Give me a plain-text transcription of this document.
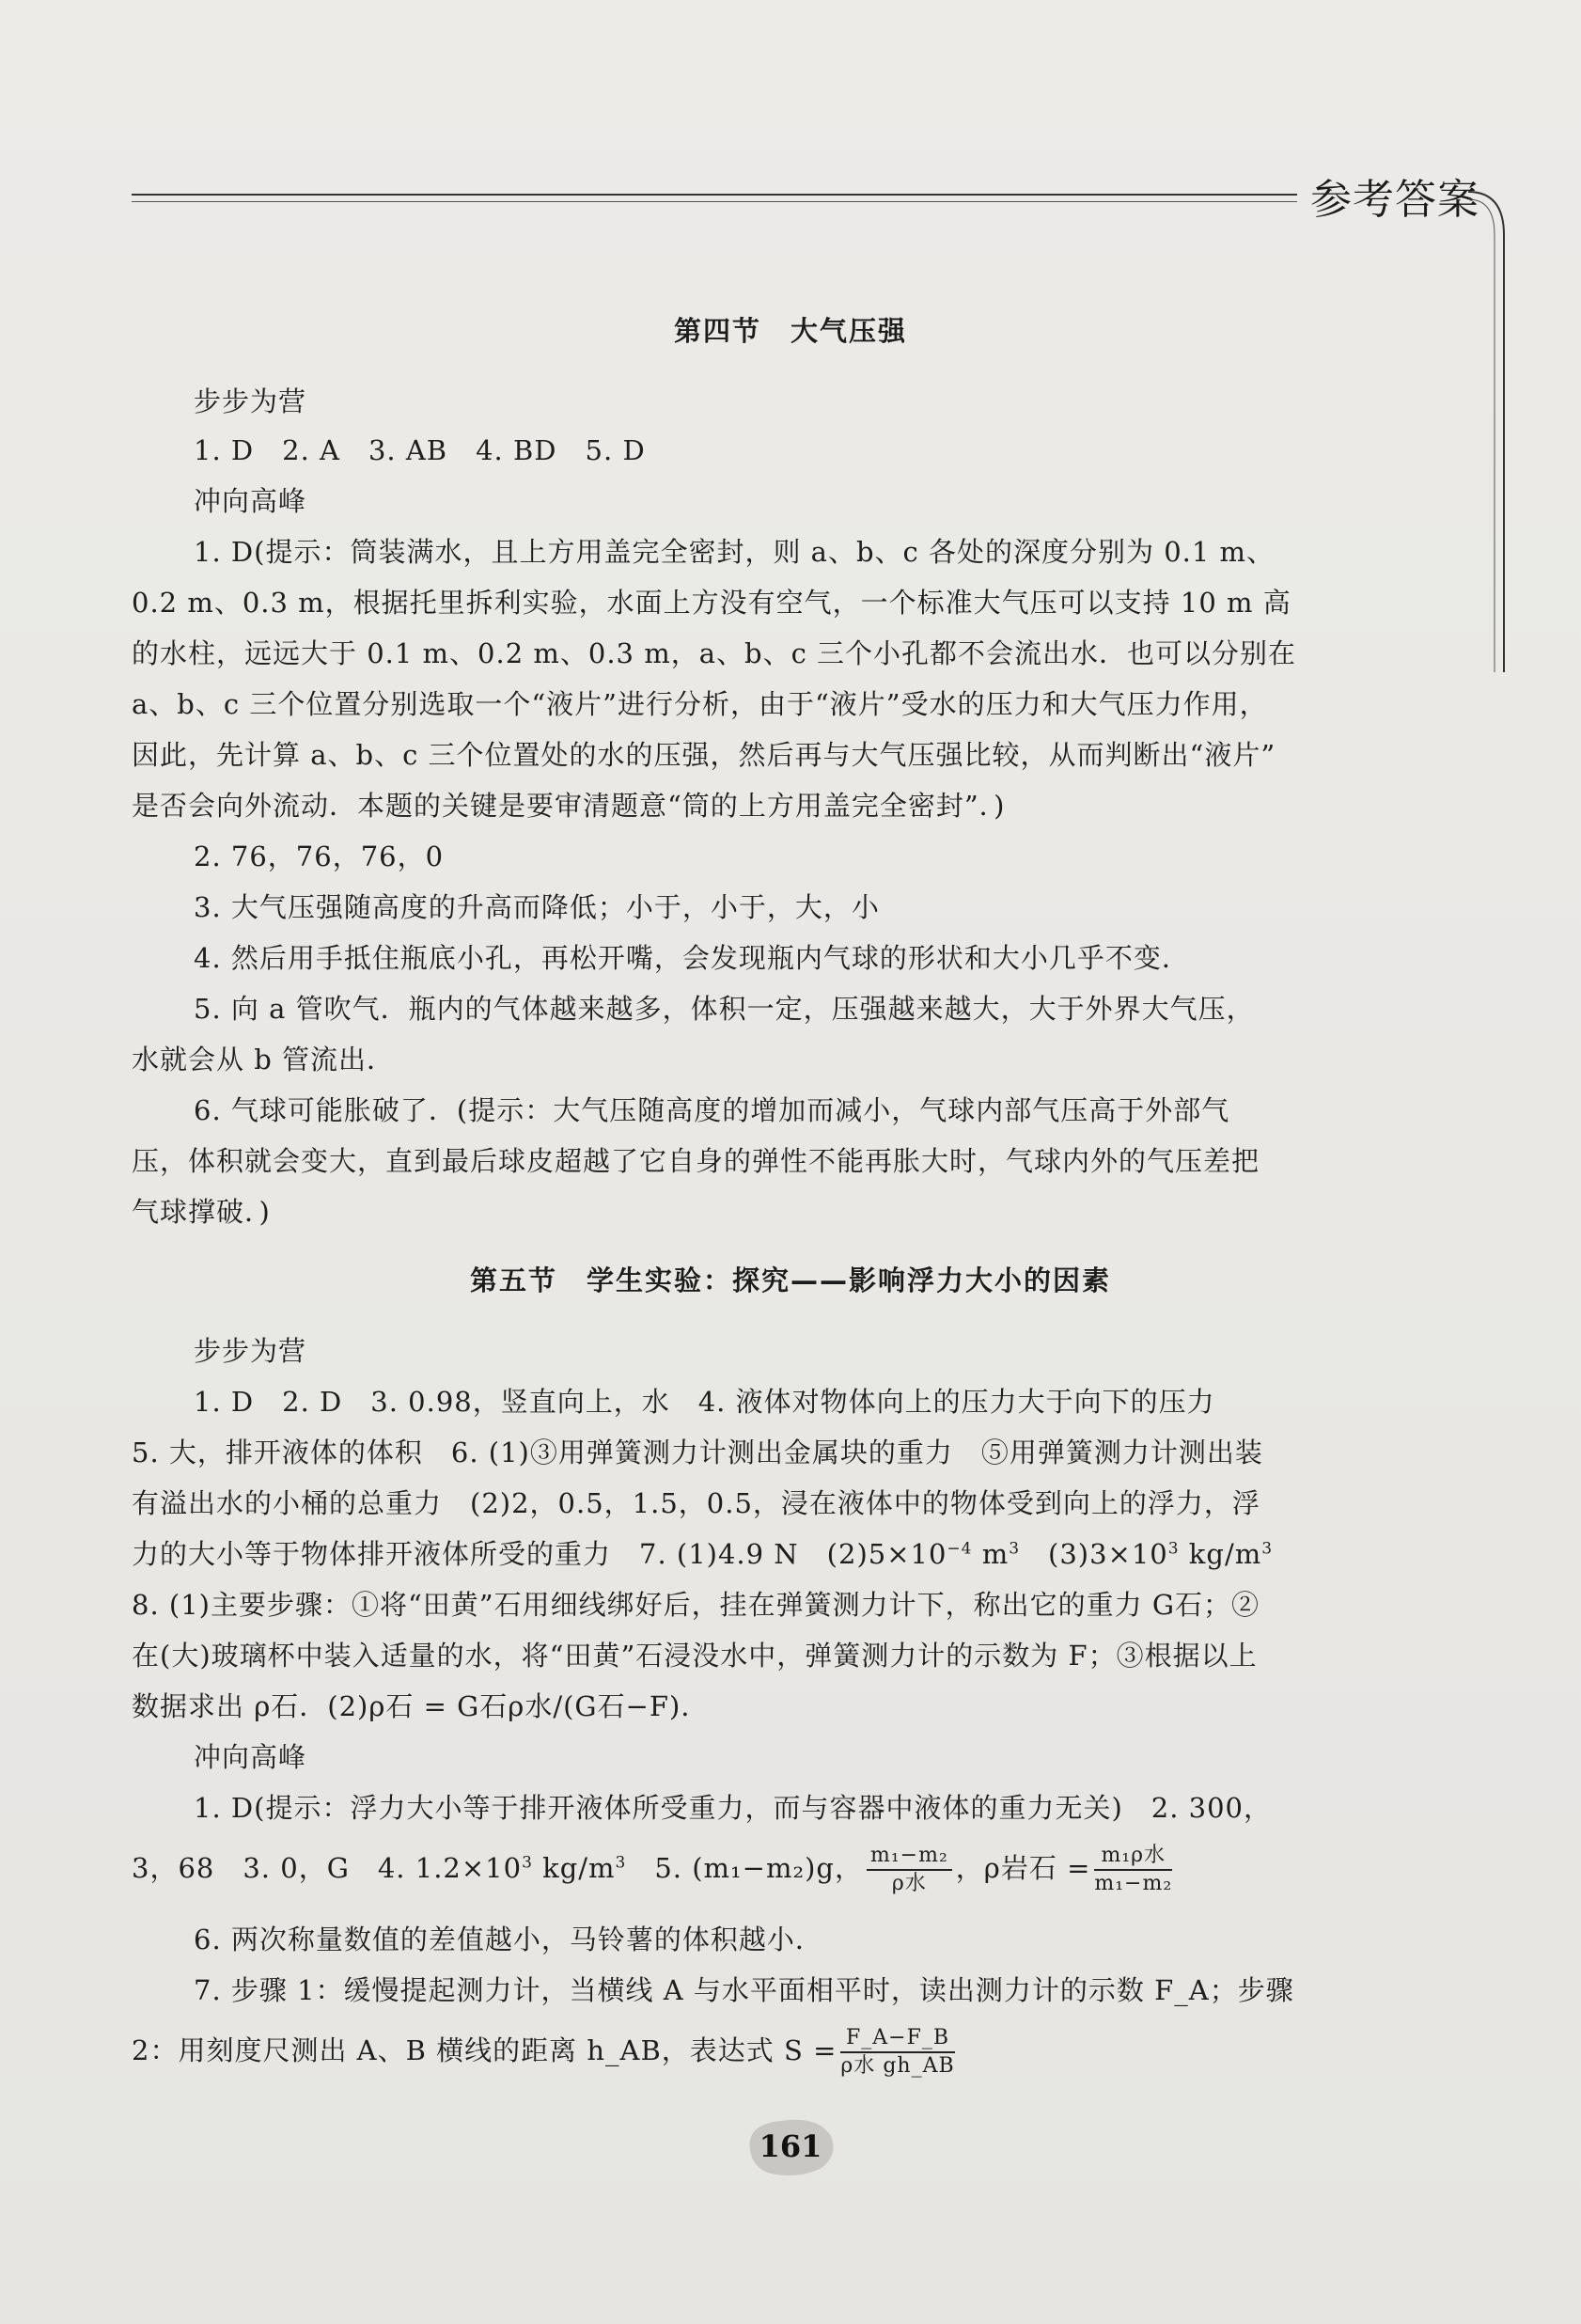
参考答案
第四节　大气压强
步步为营
1. D　2. A　3. AB　4. BD　5. D
冲向高峰
1. D(提示：筒装满水，且上方用盖完全密封，则 a、b、c 各处的深度分别为 0.1 m、
0.2 m、0.3 m，根据托里拆利实验，水面上方没有空气，一个标准大气压可以支持 10 m 高
的水柱，远远大于 0.1 m、0.2 m、0.3 m，a、b、c 三个小孔都不会流出水．也可以分别在
a、b、c 三个位置分别选取一个“液片”进行分析，由于“液片”受水的压力和大气压力作用，
因此，先计算 a、b、c 三个位置处的水的压强，然后再与大气压强比较，从而判断出“液片”
是否会向外流动．本题的关键是要审清题意“筒的上方用盖完全密封”．)
2. 76，76，76，0
3. 大气压强随高度的升高而降低；小于，小于，大，小
4. 然后用手抵住瓶底小孔，再松开嘴，会发现瓶内气球的形状和大小几乎不变．
5. 向 a 管吹气．瓶内的气体越来越多，体积一定，压强越来越大，大于外界大气压，
水就会从 b 管流出．
6. 气球可能胀破了．(提示：大气压随高度的增加而减小，气球内部气压高于外部气
压，体积就会变大，直到最后球皮超越了它自身的弹性不能再胀大时，气球内外的气压差把
气球撑破．)
第五节　学生实验：探究——影响浮力大小的因素
步步为营
1. D　2. D　3. 0.98，竖直向上，水　4. 液体对物体向上的压力大于向下的压力
5. 大，排开液体的体积　6. (1)③用弹簧测力计测出金属块的重力　⑤用弹簧测力计测出装
有溢出水的小桶的总重力　(2)2，0.5，1.5，0.5，浸在液体中的物体受到向上的浮力，浮
力的大小等于物体排开液体所受的重力　7. (1)4.9 N　$(2)5\times 10^{-4}$ $m^3$　$(3)3\times 10^3$ $kg/m^3$
8. (1)主要步骤：①将“田黄”石用细线绑好后，挂在弹簧测力计下，称出它的重力 G石；②
在(大)玻璃杯中装入适量的水，将“田黄”石浸没水中，弹簧测力计的示数为 F；③根据以上
数据求出 ρ石．(2)ρ石 = G石ρ水/(G石−F)．
冲向高峰
1. D(提示：浮力大小等于排开液体所受重力，而与容器中液体的重力无关)　2. 300，
3，68　3. 0，G　4. $1.2\times 10^3$ $kg/m^3$　5. (m₁−m₂)g， $\frac{\text{m₁−m₂}}{\text{ρ水}}$ ，ρ岩石 = $\frac{\text{m₁ρ水}}{\text{m₁−m₂}}$
6. 两次称量数值的差值越小，马铃薯的体积越小．
7. 步骤 1：缓慢提起测力计，当横线 A 与水平面相平时，读出测力计的示数 F_A；步骤
2：用刻度尺测出 A、B 横线的距离 h_AB，表达式 $S = \frac{F\_A-F\_B}{\text{ρ水 gh\_AB}}$
161
